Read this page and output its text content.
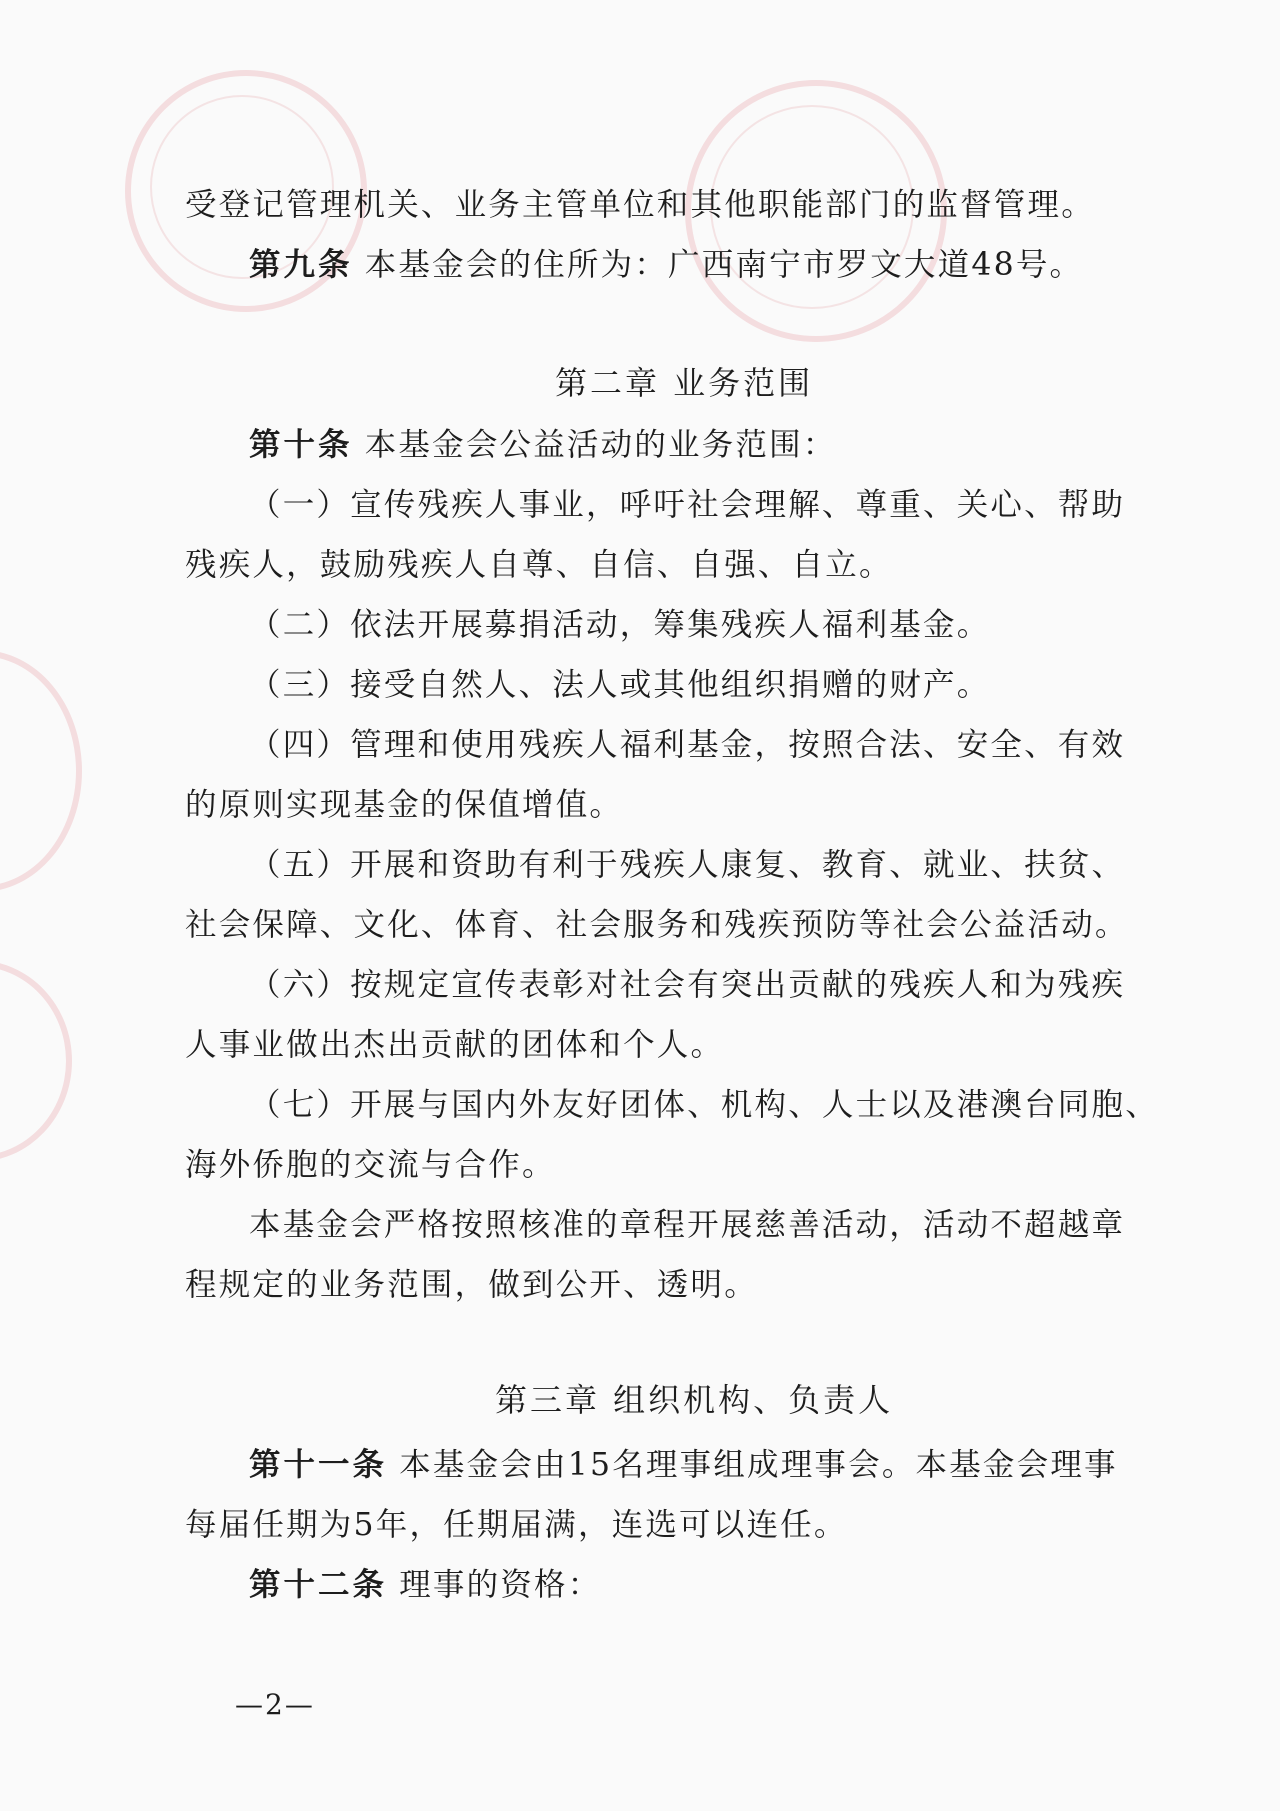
受登记管理机关、业务主管单位和其他职能部门的监督管理。
第九条 本基金会的住所为：广西南宁市罗文大道48号。
第二章 业务范围
第十条 本基金会公益活动的业务范围：
（一）宣传残疾人事业，呼吁社会理解、尊重、关心、帮助
残疾人，鼓励残疾人自尊、自信、自强、自立。
（二）依法开展募捐活动，筹集残疾人福利基金。
（三）接受自然人、法人或其他组织捐赠的财产。
（四）管理和使用残疾人福利基金，按照合法、安全、有效
的原则实现基金的保值增值。
（五）开展和资助有利于残疾人康复、教育、就业、扶贫、
社会保障、文化、体育、社会服务和残疾预防等社会公益活动。
（六）按规定宣传表彰对社会有突出贡献的残疾人和为残疾
人事业做出杰出贡献的团体和个人。
（七）开展与国内外友好团体、机构、人士以及港澳台同胞、
海外侨胞的交流与合作。
本基金会严格按照核准的章程开展慈善活动，活动不超越章
程规定的业务范围，做到公开、透明。
第三章 组织机构、负责人
第十一条 本基金会由15名理事组成理事会。本基金会理事
每届任期为5年，任期届满，连选可以连任。
第十二条 理事的资格：
—2—
